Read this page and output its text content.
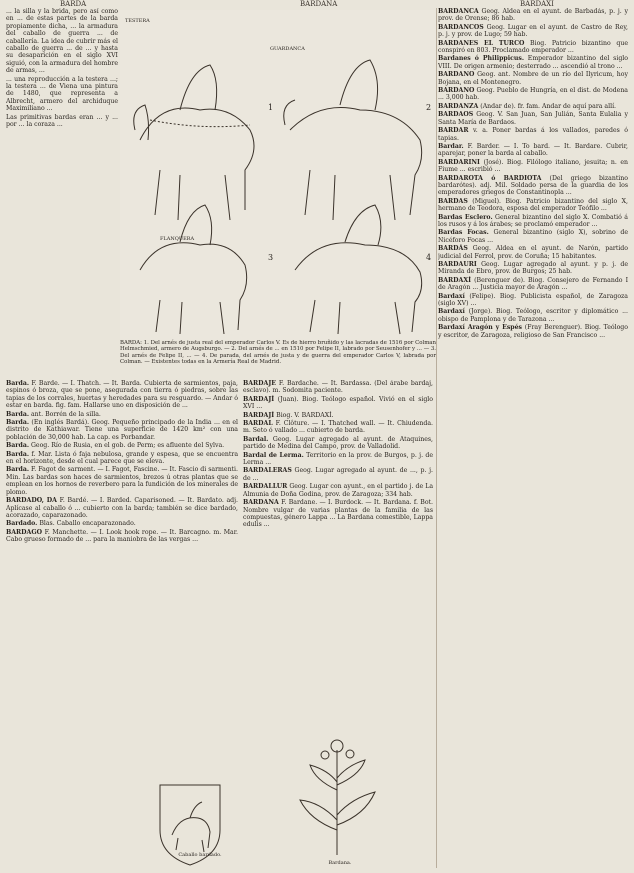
BARDA	BARDANA	BARDAXI

... la silla y la brida, pero así como en ... de estas partes de la barda propiamente dicha, ... la armadura del caballo de guerra ... de caballería. La idea de cubrir más el caballo de guerra ... de ... y hasta su desaparición en el siglo XVI siguió, con la armadura del hombre de armas, ...

... una reproducción a la testera ...; la testera ... de Viena una pintura de 1480, que representa a Albrecht, armero del archiduque Maximiliano ...

Las primitivas bardas eran ... y ... por ... la coraza ...

1	2
3	4
TESTERA
GUARDANCA
FLANQUERA
BARDA: 1. Del arnés de justa real del emperador Carlos V. Es de hierro bruñido y las lacradas de 1516 por Colman Helmschmied, armero de Augsburgo. — 2. Del arnés de ... en 1510 por Felipe II, labrado por Seusenhofer y ... — 3. Del arnés de Felipe II, ... — 4. De parada, del arnés de justa y de guerra del emperador Carlos V, labrada por Colman. — Existentes todas en la Armería Real de Madrid.

Barda. F. Barde. — I. Thatch. — It. Barda. Cubierta de sarmientos, paja, espinos ó broza, que se pone, asegurada con tierra ó piedras, sobre las tapias de los corrales, huertas y heredades para su resguardo. — Andar ó estar en barda. fig. fam. Hallarse uno en disposición de ...

Barda. ant. Borrén de la silla.

Barda. (En inglés Bardá). Geog. Pequeño principado de la India ... en el distrito de Kathiawar. Tiene una superficie de 1420 km² con una población de 30,000 hab. La cap. es Porbandar.

Barda. Geog. Río de Rusia, en el gob. de Perm; es afluente del Sylva.

Barda. f. Mar. Lista ó faja nebulosa, grande y espesa, que se encuentra en el horizonte, desde el cual parece que se eleva.

Barda. F. Fagot de sarment. — I. Fagot, Fascine. — It. Fascio di sarmenti. Min. Las bardas son haces de sarmientos, brezos ú otras plantas que se emplean en los hornos de reverbero para la fundición de los minerales de plomo.

BARDADO, DA F. Bardé. — I. Barded. Caparisoned. — It. Bardato. adj. Aplícase al caballo ó ... cubierto con la barda; también se dice bardado, acorazado, caparazonado.

Bardado. Blas. Caballo encaparazonado.

BARDAGO F. Manchette. — I. Look hook rope. — It. Barcagno. m. Mar. Cabo grueso formado de ... para la maniobra de las vergas ...

Caballo bardado.

BARDAJE F. Bardache. — It. Bardassa. (Del árabe bardaj, esclavo). m. Sodomita paciente.

BARDAJÍ (Juan). Biog. Teólogo español. Vivió en el siglo XVI ...

BARDAJÍ Biog. V. BARDAXÍ.

BARDAL F. Clôture. — I. Thatched wall. — It. Chiudenda. m. Seto ó vallado ... cubierto de barda.

Bardal. Geog. Lugar agregado al ayunt. de Ataquines, partido de Medina del Campo, prov. de Valladolid.

Bardal de Lerma. Territorio en la prov. de Burgos, p. j. de Lerma ...

BARDALERAS Geog. Lugar agregado al ayunt. de ..., p. j. de ...

BARDALLUR Geog. Lugar con ayunt., en el partido j. de La Almunia de Doña Godina, prov. de Zaragoza; 334 hab.

BARDANA F. Bardane. — I. Burdock. — It. Bardana. f. Bot. Nombre vulgar de varias plantas de la familia de las compuestas, género Lappa ... La Bardana comestible, Lappa edulis ...

Bardana.

BARDANCA Geog. Aldea en el ayunt. de Barbadás, p. j. y prov. de Orense; 86 hab.

BARDANCOS Geog. Lugar en el ayunt. de Castro de Rey, p. j. y prov. de Lugo; 59 hab.

BARDANES EL TURCO Biog. Patricio bizantino que conspiró en 803. Proclamado emperador ...

Bardanes ó Philippicus. Emperador bizantino del siglo VIII. De origen armenio; desterrado ... ascendió al trono ...

BARDANO Geog. ant. Nombre de un río del Ilyricum, hoy Bojana, en el Montenegro.

BARDANO Geog. Pueblo de Hungría, en el dist. de Modena ... 3,000 hab.

BARDANZA (Andar de). fr. fam. Andar de aquí para allí.

BARDAOS Geog. V. San Juan, San Julián, Santa Eulalia y Santa María de Bardaos.

BARDAR v. a. Poner bardas á los vallados, paredes ó tapias.

Bardar. F. Barder. — I. To bard. — It. Bardare. Cubrir, aparejar, poner la barda al caballo.

BARDARINI (José). Biog. Filólogo italiano, jesuita; n. en Fiume ... escribió ...

BARDAROTA ó BARDIOTA (Del griego bizantino bardarótes). adj. Mil. Soldado persa de la guardia de los emperadores griegos de Constantinopla ...

BARDAS (Miguel). Biog. Patricio bizantino del siglo X, hermano de Teodora, esposa del emperador Teófilo ...

Bardas Esclero. General bizantino del siglo X. Combatió á los rusos y á los árabes; se proclamó emperador ...

Bardas Focas. General bizantino (siglo X), sobrino de Nicéforo Focas ...

BARDÁS Geog. Aldea en el ayunt. de Narón, partido judicial del Ferrol, prov. de Coruña; 15 habitantes.

BARDAURI Geog. Lugar agregado al ayunt. y p. j. de Miranda de Ebro, prov. de Burgos; 25 hab.

BARDAXÍ (Berenguer de). Biog. Consejero de Fernando I de Aragón ... Justicia mayor de Aragón ...

Bardaxí (Felipe). Biog. Publicista español, de Zaragoza (siglo XV) ...

Bardaxí (Jorge). Biog. Teólogo, escritor y diplomático ... obispo de Pamplona y de Tarazona ...

Bardaxí Aragón y Espés (Fray Berenguer). Biog. Teólogo y escritor, de Zaragoza, religioso de San Francisco ...
